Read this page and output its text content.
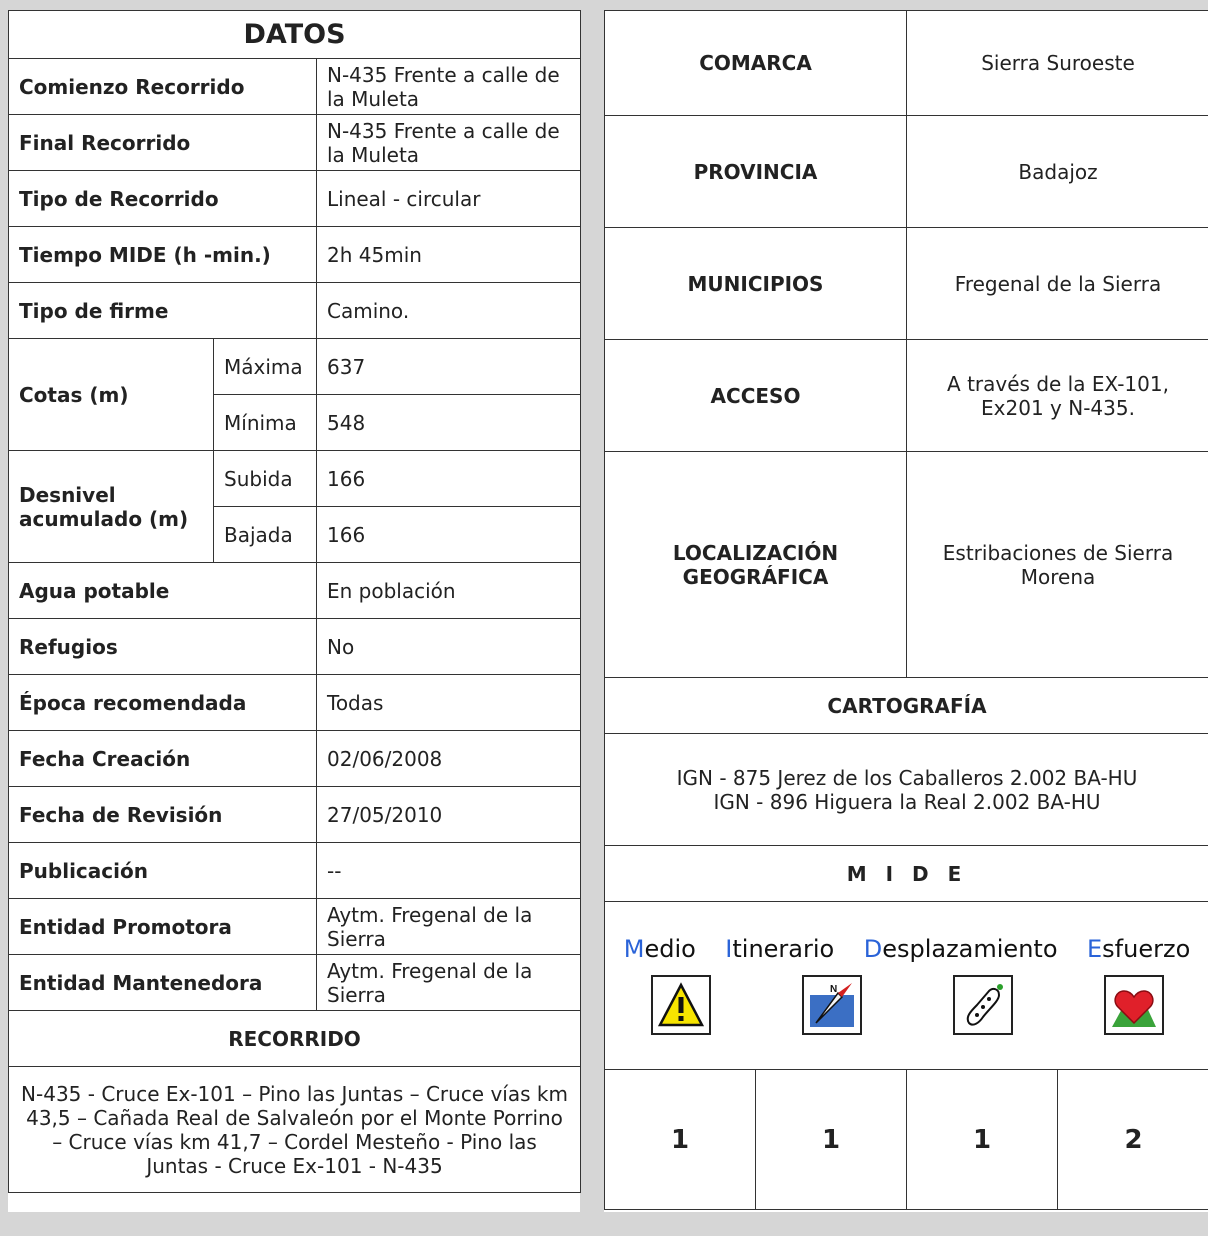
DATOS		
Comienzo Recorrido		N-435 Frente a calle de la Muleta
Final Recorrido		N-435 Frente a calle de la Muleta
Tipo de Recorrido		Lineal - circular
Tiempo MIDE (h -min.)		2h 45min
Tipo de firme		Camino.
Cotas (m)	Máxima	637
	Mínima	548
Desnivel acumulado (m)	Subida	166
	Bajada	166
Agua potable		En población
Refugios		No
Época recomendada		Todas
Fecha Creación		02/06/2008
Fecha de Revisión		27/05/2010
Publicación		--
Entidad Promotora		Aytm. Fregenal de la Sierra
Entidad Mantenedora		Aytm. Fregenal de la Sierra
RECORRIDO		
N-435 - Cruce Ex-101 – Pino las Juntas – Cruce vías km 43,5 – Cañada Real de Salvaleón por el Monte Porrino – Cruce vías km 41,7 – Cordel Mesteño - Pino las Juntas - Cruce Ex-101 - N-435		
COMARCA		Sierra Suroeste	
PROVINCIA		Badajoz	
MUNICIPIOS		Fregenal de la Sierra	
ACCESO		A través de la EX-101, Ex201 y N-435.	
LOCALIZACIÓN GEOGRÁFICA		Estribaciones de Sierra Morena	
CARTOGRAFÍA			

IGN - 875 Jerez de los Caballeros 2.002 BA-HU
IGN - 896 Higuera la Real 2.002 BA-HU			

M I D E			

Medio Itinerario Desplazamiento Esfuerzo
N			

1	1	1	2
